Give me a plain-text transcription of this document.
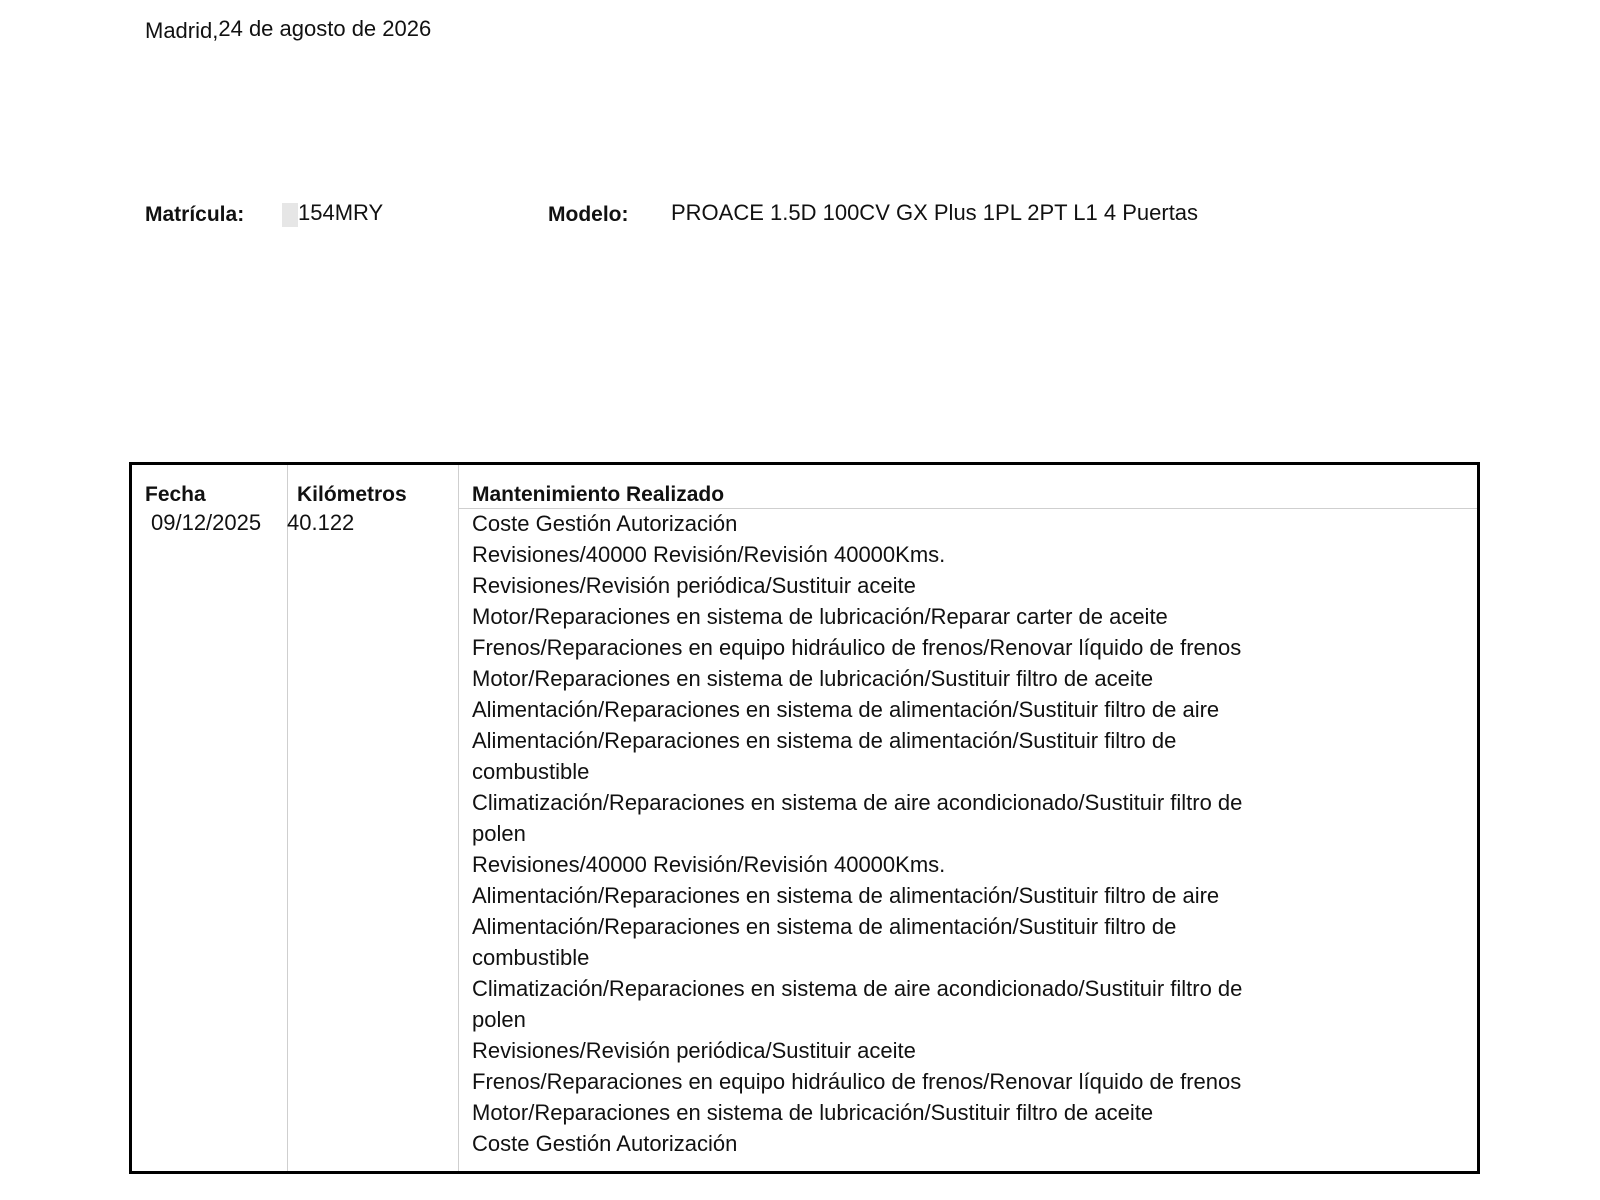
Madrid,24 de agosto de 2026
Matrícula: 154MRY	Modelo: PROACE 1.5D 100CV GX Plus 1PL 2PT L1 4 Puertas
Fecha	Kilómetros	Mantenimiento Realizado
09/12/2025 40.122	Coste Gestión Autorización
Revisiones/40000 Revisión/Revisión 40000Kms.
Revisiones/Revisión periódica/Sustituir aceite
Motor/Reparaciones en sistema de lubricación/Reparar carter de aceite
Frenos/Reparaciones en equipo hidráulico de frenos/Renovar líquido de frenos
Motor/Reparaciones en sistema de lubricación/Sustituir filtro de aceite
Alimentación/Reparaciones en sistema de alimentación/Sustituir filtro de aire
Alimentación/Reparaciones en sistema de alimentación/Sustituir filtro de
combustible
Climatización/Reparaciones en sistema de aire acondicionado/Sustituir filtro de
polen
Revisiones/40000 Revisión/Revisión 40000Kms.
Alimentación/Reparaciones en sistema de alimentación/Sustituir filtro de aire
Alimentación/Reparaciones en sistema de alimentación/Sustituir filtro de
combustible
Climatización/Reparaciones en sistema de aire acondicionado/Sustituir filtro de
polen
Revisiones/Revisión periódica/Sustituir aceite
Frenos/Reparaciones en equipo hidráulico de frenos/Renovar líquido de frenos
Motor/Reparaciones en sistema de lubricación/Sustituir filtro de aceite
Coste Gestión Autorización
